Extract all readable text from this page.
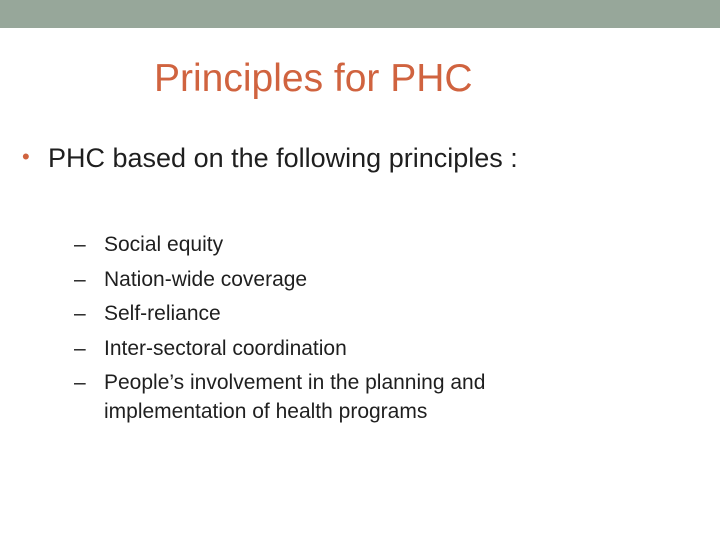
Principles for PHC
• PHC based on the following principles :
– Social equity
– Nation-wide coverage
– Self-reliance
– Inter-sectoral coordination
– People’s involvement in the planning and implementation of health programs
